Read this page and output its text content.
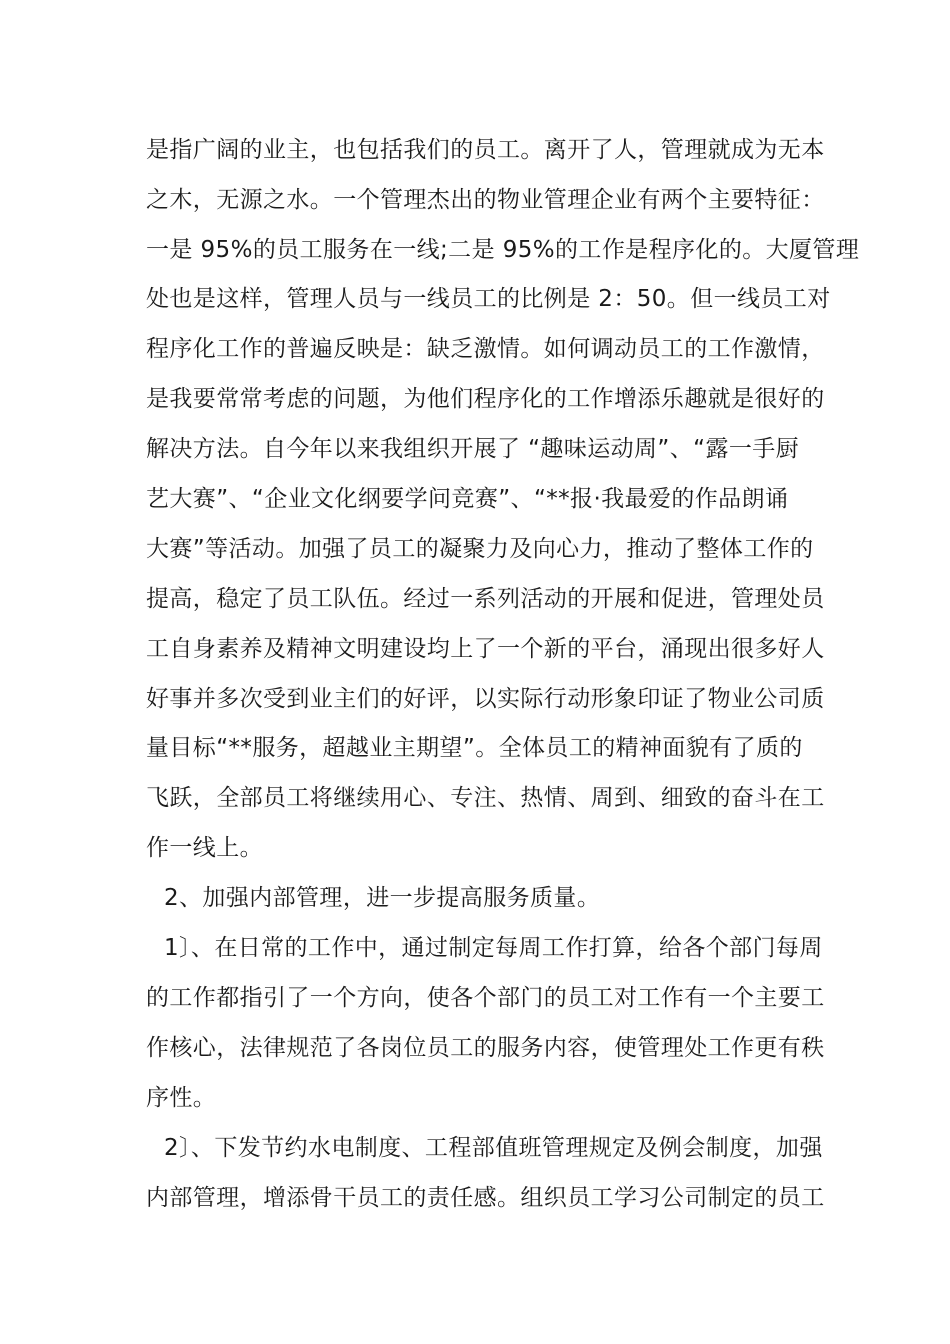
是指广阔的业主，也包括我们的员工。离开了人，管理就成为无本
之木，无源之水。一个管理杰出的物业管理企业有两个主要特征：
一是 95%的员工服务在一线;二是 95%的工作是程序化的。大厦管理
处也是这样，管理人员与一线员工的比例是 2：50。但一线员工对
程序化工作的普遍反映是：缺乏激情。如何调动员工的工作激情，
是我要常常考虑的问题，为他们程序化的工作增添乐趣就是很好的
解决方法。自今年以来我组织开展了 “趣味运动周”、“露一手厨
艺大赛”、“企业文化纲要学问竞赛”、“**报·我最爱的作品朗诵
大赛”等活动。加强了员工的凝聚力及向心力，推动了整体工作的
提高，稳定了员工队伍。经过一系列活动的开展和促进，管理处员
工自身素养及精神文明建设均上了一个新的平台，涌现出很多好人
好事并多次受到业主们的好评，以实际行动形象印证了物业公司质
量目标“**服务，超越业主期望”。全体员工的精神面貌有了质的
飞跃，全部员工将继续用心、专注、热情、周到、细致的奋斗在工
作一线上。
2、加强内部管理，进一步提高服务质量。
1〕、在日常的工作中，通过制定每周工作打算，给各个部门每周
的工作都指引了一个方向，使各个部门的员工对工作有一个主要工
作核心，法律规范了各岗位员工的服务内容，使管理处工作更有秩
序性。
2〕、下发节约水电制度、工程部值班管理规定及例会制度，加强
内部管理，增添骨干员工的责任感。组织员工学习公司制定的员工
